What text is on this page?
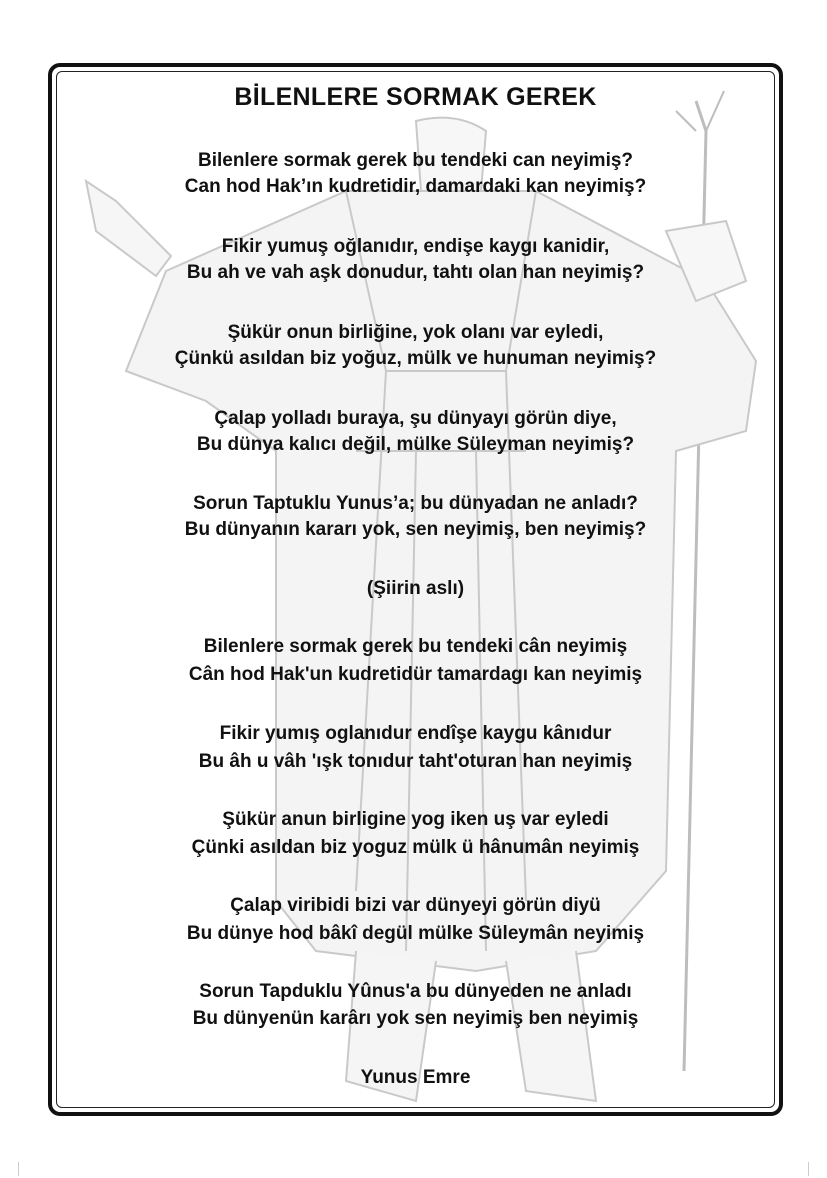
BİLENLERE SORMAK GEREK
Bilenlere sormak gerek bu tendeki can neyimiş?
Can hod Hak’ın kudretidir, damardaki kan neyimiş?
Fikir yumuş oğlanıdır, endişe kaygı kanidir,
Bu ah ve vah aşk donudur, tahtı olan han neyimiş?
Şükür onun birliğine, yok olanı var eyledi,
Çünkü asıldan biz yoğuz, mülk ve hunuman neyimiş?
Çalap yolladı buraya, şu dünyayı görün diye,
Bu dünya kalıcı değil, mülke Süleyman neyimiş?
Sorun Taptuklu Yunus’a; bu dünyadan ne anladı?
Bu dünyanın kararı yok, sen neyimiş, ben neyimiş?
(Şiirin aslı)
Bilenlere sormak gerek bu tendeki cân neyimiş
Cân hod Hak'un kudretidür tamardagı kan neyimiş
Fikir yumış oglanıdur endîşe kaygu kânıdur
Bu âh u vâh 'ışk tonıdur taht'oturan han neyimiş
Şükür anun birligine yog iken uş var eyledi
Çünki asıldan biz yoguz mülk ü hânumân neyimiş
Çalap viribidi bizi var dünyeyi görün diyü
Bu dünye hod bâkî degül mülke Süleymân neyimiş
Sorun Tapduklu Yûnus'a bu dünyeden ne anladı
Bu dünyenün karârı yok sen neyimiş ben neyimiş
Yunus Emre
